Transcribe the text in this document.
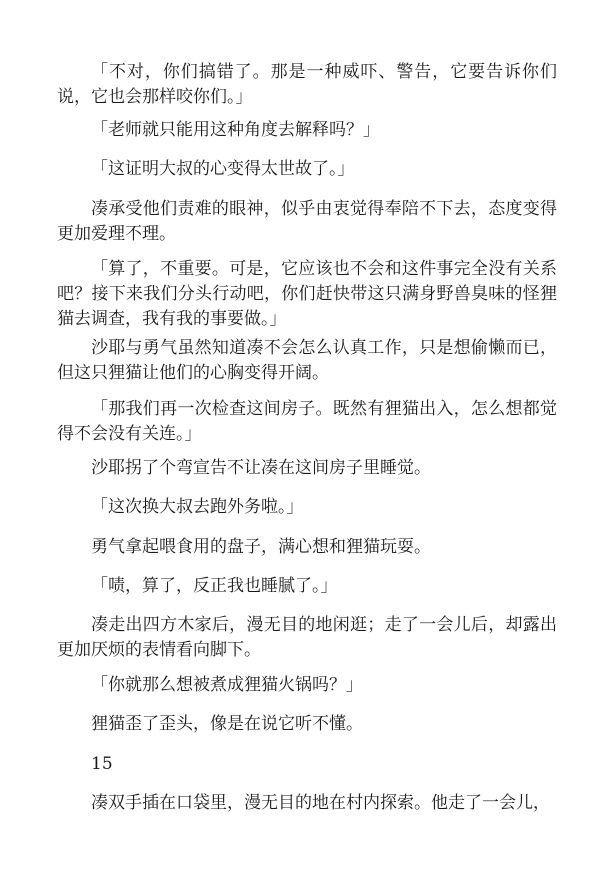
「不对，你们搞错了。那是一种威吓、警告，它要告诉你们说，它也会那样咬你们。」

「老师就只能用这种角度去解释吗？」

「这证明大叔的心变得太世故了。」

凑承受他们责难的眼神，似乎由衷觉得奉陪不下去，态度变得更加爱理不理。

「算了，不重要。可是，它应该也不会和这件事完全没有关系吧？接下来我们分头行动吧，你们赶快带这只满身野兽臭味的怪狸猫去调查，我有我的事要做。」

沙耶与勇气虽然知道凑不会怎么认真工作，只是想偷懒而已，但这只狸猫让他们的心胸变得开阔。

「那我们再一次检查这间房子。既然有狸猫出入，怎么想都觉得不会没有关连。」

沙耶拐了个弯宣告不让凑在这间房子里睡觉。

「这次换大叔去跑外务啦。」

勇气拿起喂食用的盘子，满心想和狸猫玩耍。

「啧，算了，反正我也睡腻了。」

凑走出四方木家后，漫无目的地闲逛；走了一会儿后，却露出更加厌烦的表情看向脚下。

「你就那么想被煮成狸猫火锅吗？」

狸猫歪了歪头，像是在说它听不懂。

15

凑双手插在口袋里，漫无目的地在村内探索。他走了一会儿，
